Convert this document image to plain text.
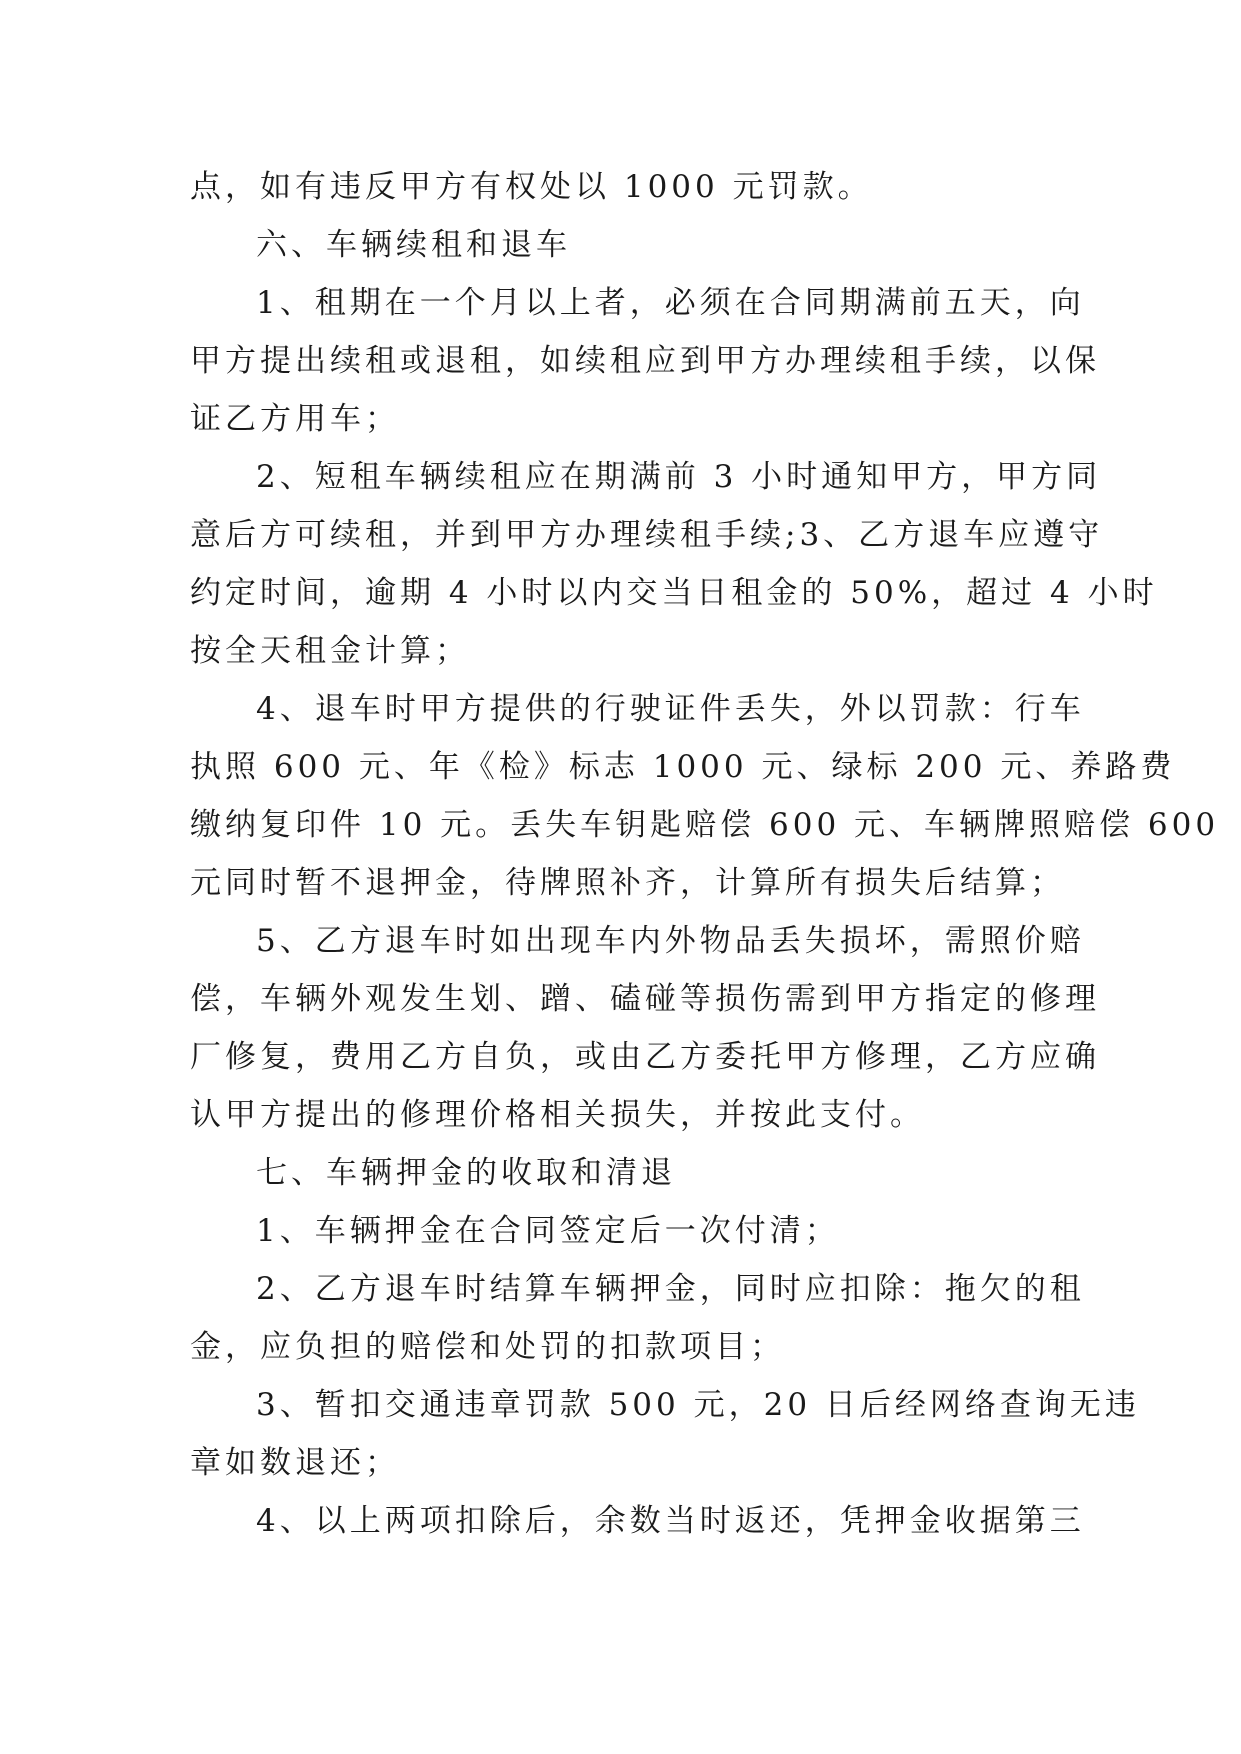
点，如有违反甲方有权处以 1000 元罚款。
六、车辆续租和退车
1、租期在一个月以上者，必须在合同期满前五天，向
甲方提出续租或退租，如续租应到甲方办理续租手续，以保
证乙方用车；
2、短租车辆续租应在期满前 3 小时通知甲方，甲方同
意后方可续租，并到甲方办理续租手续;3、乙方退车应遵守
约定时间，逾期 4 小时以内交当日租金的 50%，超过 4 小时
按全天租金计算；
4、退车时甲方提供的行驶证件丢失，外以罚款：行车
执照 600 元、年《检》标志 1000 元、绿标 200 元、养路费
缴纳复印件 10 元。丢失车钥匙赔偿 600 元、车辆牌照赔偿 600
元同时暂不退押金，待牌照补齐，计算所有损失后结算；
5、乙方退车时如出现车内外物品丢失损坏，需照价赔
偿，车辆外观发生划、蹭、磕碰等损伤需到甲方指定的修理
厂修复，费用乙方自负，或由乙方委托甲方修理，乙方应确
认甲方提出的修理价格相关损失，并按此支付。
七、车辆押金的收取和清退
1、车辆押金在合同签定后一次付清；
2、乙方退车时结算车辆押金，同时应扣除：拖欠的租
金，应负担的赔偿和处罚的扣款项目；
3、暂扣交通违章罚款 500 元，20 日后经网络查询无违
章如数退还；
4、以上两项扣除后，余数当时返还，凭押金收据第三
